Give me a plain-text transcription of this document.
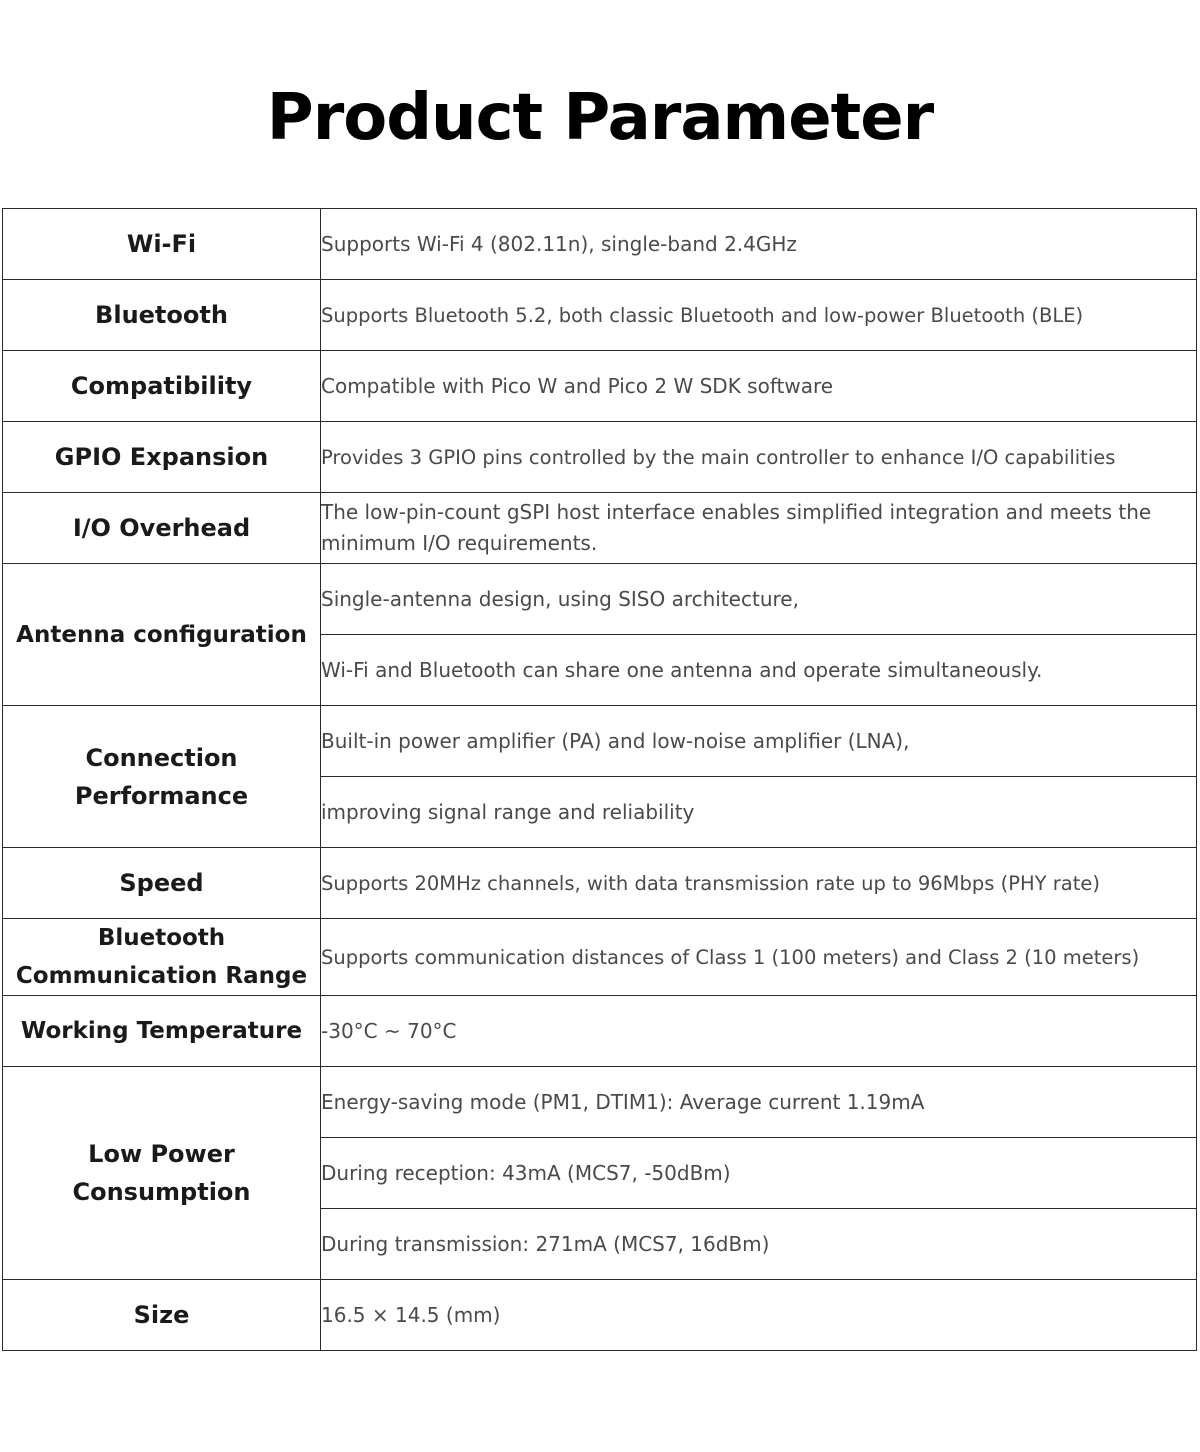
Product Parameter
Wi-Fi	Supports Wi-Fi 4 (802.11n), single-band 2.4GHz
Bluetooth	Supports Bluetooth 5.2, both classic Bluetooth and low-power Bluetooth (BLE)
Compatibility	Compatible with Pico W and Pico 2 W SDK software
GPIO Expansion	Provides 3 GPIO pins controlled by the main controller to enhance I/O capabilities
I/O Overhead	The low-pin-count gSPI host interface enables simplified integration and meets the minimum I/O requirements.
Antenna configuration	Single-antenna design, using SISO architecture,
	Wi-Fi and Bluetooth can share one antenna and operate simultaneously.
Connection Performance	Built-in power amplifier (PA) and low-noise amplifier (LNA),
	improving signal range and reliability
Speed	Supports 20MHz channels, with data transmission rate up to 96Mbps (PHY rate)
Bluetooth Communication Range	Supports communication distances of Class 1 (100 meters) and Class 2 (10 meters)
Working Temperature	-30°C ~ 70°C
Low Power Consumption	Energy-saving mode (PM1, DTIM1): Average current 1.19mA
	During reception: 43mA (MCS7, -50dBm)
	During transmission: 271mA (MCS7, 16dBm)
Size	16.5 × 14.5 (mm)
